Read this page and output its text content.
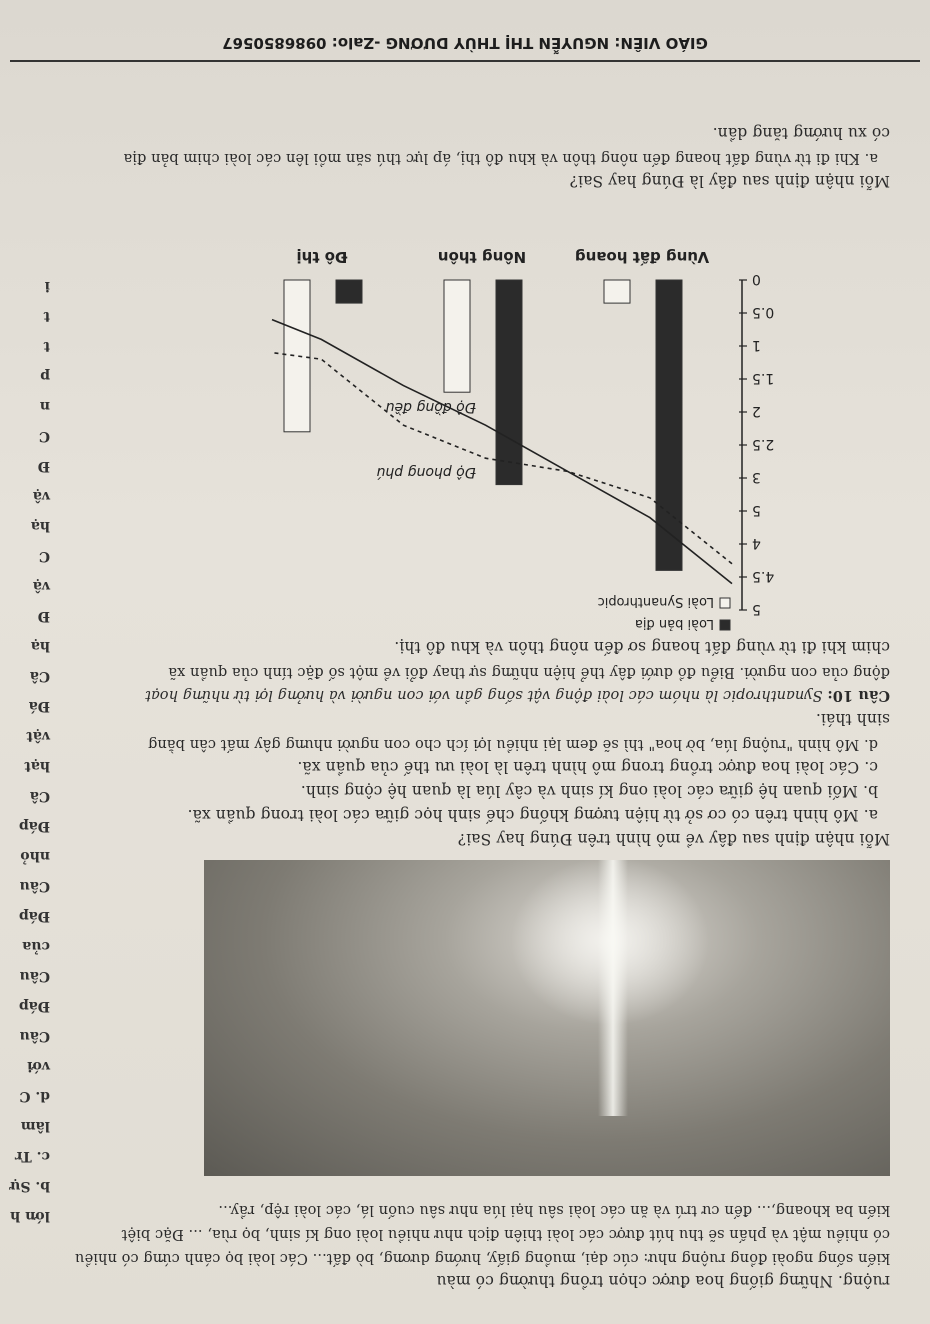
ruộng. Những giống hoa được chọn trồng thường có màu
kiến sống ngoài đồng ruộng như: cúc dại, muồng giấy, hướng dương, bò đất... Các loài bọ cánh cứng có nhiều
có nhiều mật và phấn sẽ thu hút được các loài thiên địch như nhiều loài ong kí sinh, bọ rùa, ... Đặc biệt
kiến ba khoang,... đến cư trú và ăn các loài sâu hại lúa như sâu cuốn lá, các loài rệp, rầy...
Mỗi nhận định sau đây về mô hình trên Đúng hay Sai?
a. Mô hình trên có cơ sở từ hiện tượng khống chế sinh học giữa các loài trong quần xã.
b. Mối quan hệ giữa các loài ong kí sinh và cây lúa là quan hệ cộng sinh.
c. Các loài hoa được trồng trong mô hình trên là loài ưu thế của quần xã.
d. Mô hình "ruộng lúa, bờ hoa" thì sẽ đem lại nhiều lợi ích cho con người nhưng gây mất cân bằng
sinh thái.
Câu 10: Synanthropic là nhóm các loài động vật sống gần với con người và hưởng lợi từ những hoạt
động của con người. Biểu đồ dưới đây thể hiện những sự thay đổi về một số đặc tính của quần xã
chim khi đi từ vùng đất hoang sơ đến nông thôn và khu đô thị.
0
0.5
1
1.5
2
2.5
3
5
4
4.5
5
Vùng đất hoang
Nông thôn
Đô thị
Độ phong phú
Độ đồng đều
Loài bản địa
Loài Synanthropic
Mỗi nhận định sau đây là Đúng hay Sai?
a. Khi đi từ vùng đất hoang đến nông thôn và khu đô thị, áp lực thú săn mồi lên các loài chim bản địa
có xu hướng tăng dần.
GIÁO VIÊN: NGUYỄN THỊ THÙY DƯƠNG -Zalo: 0986850567
lớn h
b. Sự
c. Tr
lâm
d. C
với
Câu
Đáp
Câu
của
Đáp
Câu
nhỏ
Đáp
Câ
hạt
vật
Đá
Câ
hạ
Đ
vậ
C
hạ
vậ
Đ
C
n
p
t
t
i
